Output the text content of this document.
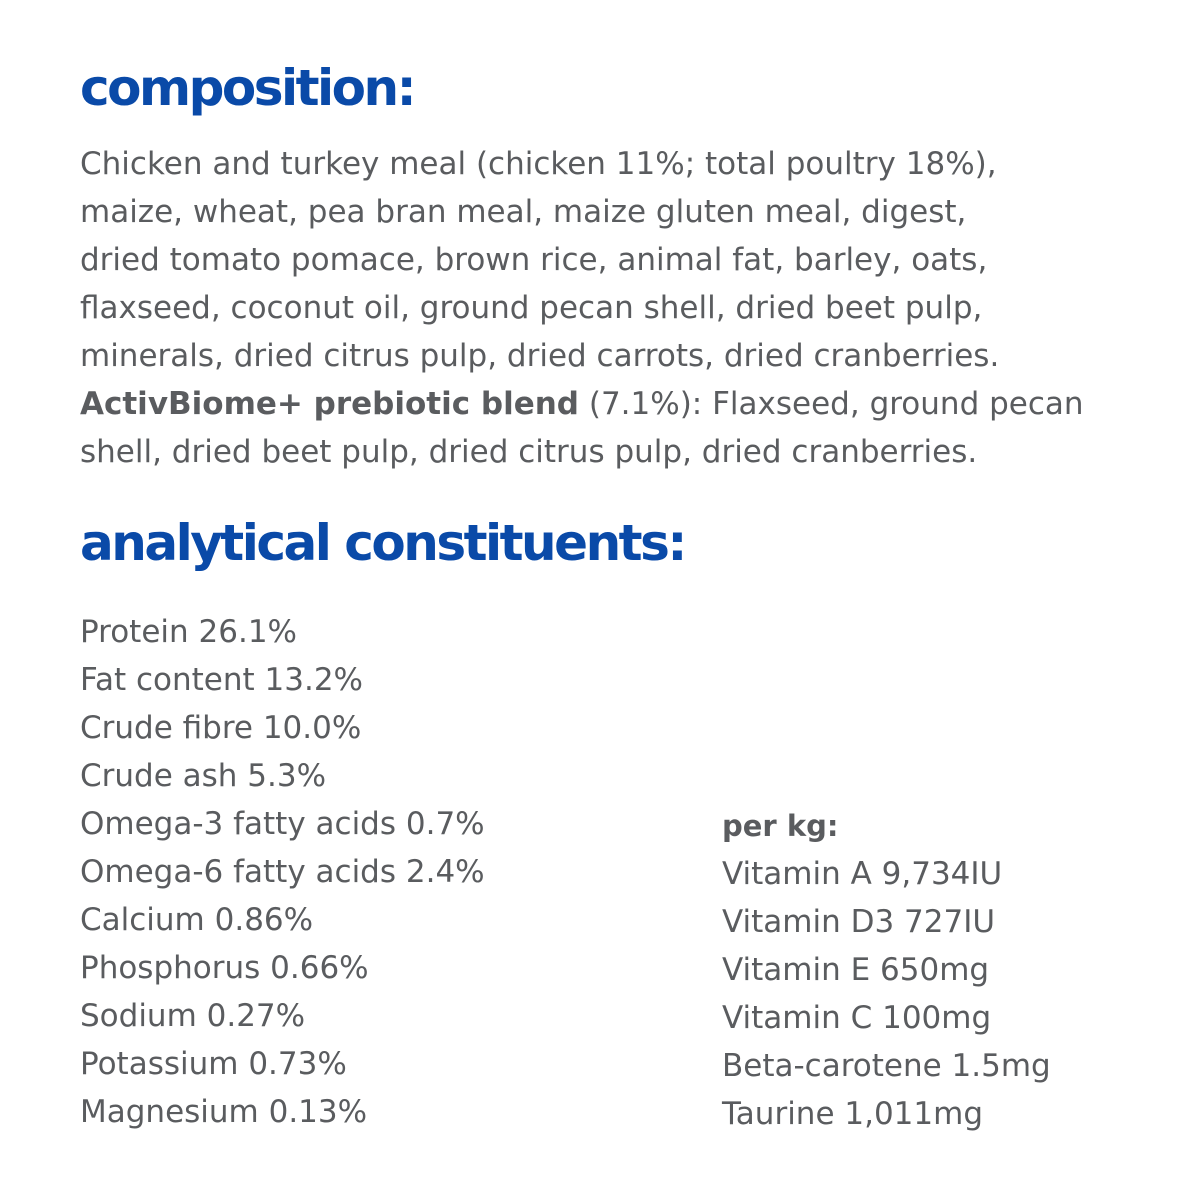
composition:

Chicken and turkey meal (chicken 11%; total poultry 18%),
maize, wheat, pea bran meal, maize gluten meal, digest,
dried tomato pomace, brown rice, animal fat, barley, oats,
flaxseed, coconut oil, ground pecan shell, dried beet pulp,
minerals, dried citrus pulp, dried carrots, dried cranberries.
ActivBiome+ prebiotic blend (7.1%): Flaxseed, ground pecan
shell, dried beet pulp, dried citrus pulp, dried cranberries.

analytical constituents:
Protein 26.1%
Fat content 13.2%
Crude fibre 10.0%
Crude ash 5.3%
Omega-3 fatty acids 0.7%
Omega-6 fatty acids 2.4%
Calcium 0.86%
Phosphorus 0.66%
Sodium 0.27%
Potassium 0.73%
Magnesium 0.13%
per kg:
Vitamin A 9,734IU
Vitamin D3 727IU
Vitamin E 650mg
Vitamin C 100mg
Beta-carotene 1.5mg
Taurine 1,011mg
